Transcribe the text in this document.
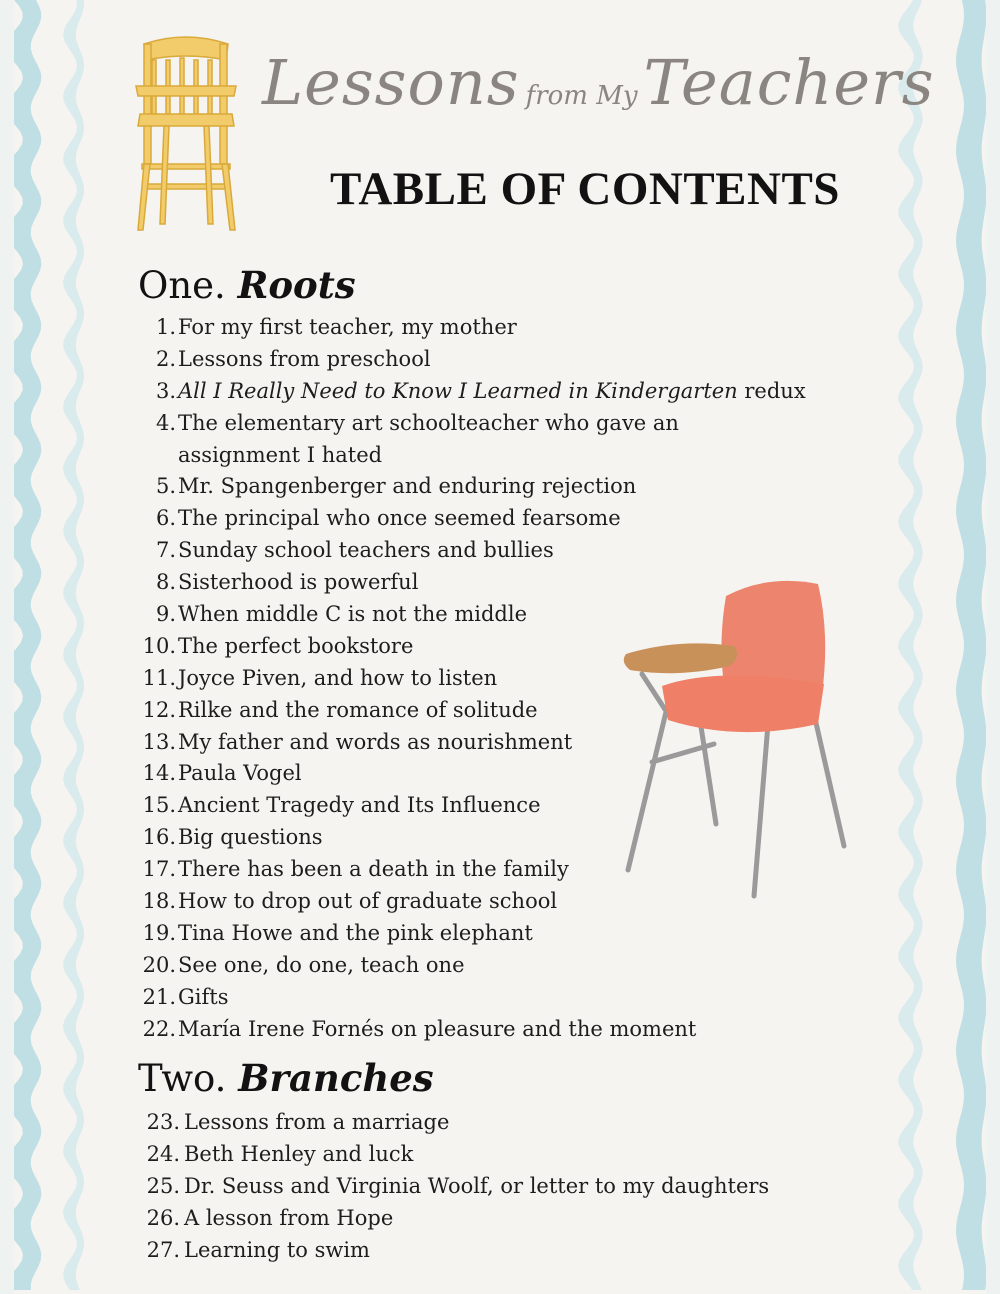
Lessons from MyTeachers
TABLE OF CONTENTS
One. Roots
1. For my first teacher, my mother
2. Lessons from preschool
3. All I Really Need to Know I Learned in Kindergarten redux
4. The elementary art schoolteacher who gave an assignment I hated
5. Mr. Spangenberger and enduring rejection
6. The principal who once seemed fearsome
7. Sunday school teachers and bullies
8. Sisterhood is powerful
9. When middle C is not the middle
10. The perfect bookstore
11. Joyce Piven, and how to listen
12. Rilke and the romance of solitude
13. My father and words as nourishment
14. Paula Vogel
15. Ancient Tragedy and Its Influence
16. Big questions
17. There has been a death in the family
18. How to drop out of graduate school
19. Tina Howe and the pink elephant
20. See one, do one, teach one
21. Gifts
22. María Irene Fornés on pleasure and the moment
Two. Branches
23. Lessons from a marriage
24. Beth Henley and luck
25. Dr. Seuss and Virginia Woolf, or letter to my daughters
26. A lesson from Hope
27. Learning to swim
